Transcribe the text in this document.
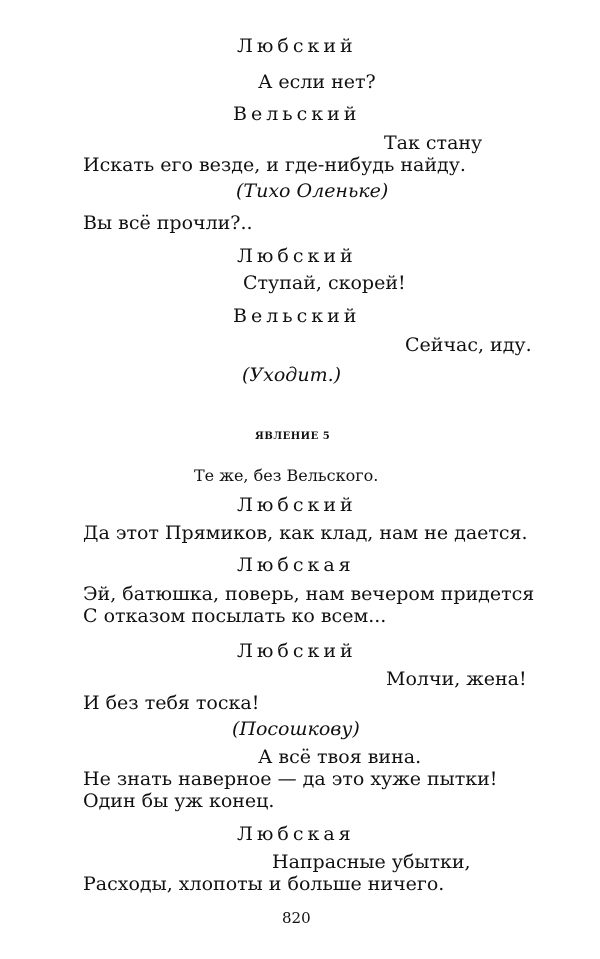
Любский
А если нет?
Вельский
Так стану
Искать его везде, и где-нибудь найду.
(Тихо Оленьке)
Вы всё прочли?..
Любский
Ступай, скорей!
Вельский
Сейчас, иду.
(Уходит.)
ЯВЛЕНИЕ 5
Те же, без Вельского.
Любский
Да этот Прямиков, как клад, нам не дается.
Любская
Эй, батюшка, поверь, нам вечером придется
С отказом посылать ко всем...
Любский
Молчи, жена!
И без тебя тоска!
(Посошкову)
А всё твоя вина.
Не знать наверное — да это хуже пытки!
Один бы уж конец.
Любская
Напрасные убытки,
Расходы, хлопоты и больше ничего.
820
